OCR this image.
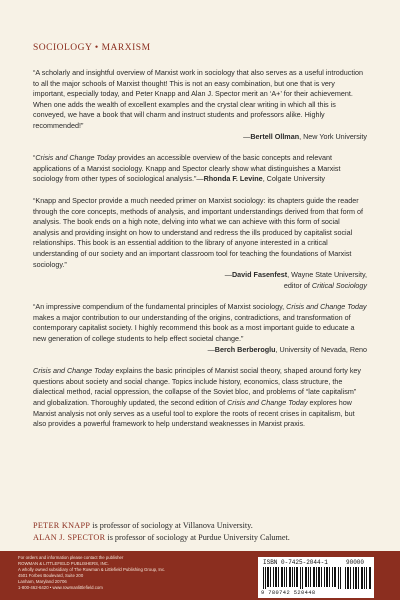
SOCIOLOGY • MARXISM

“A scholarly and insightful overview of Marxist work in sociology that also serves as a useful introduction to all the major schools of Marxist thought! This is not an easy combination, but one that is very important, especially today, and Peter Knapp and Alan J. Spector merit an ‘A+’ for their achievement. When one adds the wealth of excellent examples and the crystal clear writing in which all this is conveyed, we have a book that will charm and instruct students and professors alike. Highly recommended!”
—Bertell Ollman, New York University

“Crisis and Change Today provides an accessible overview of the basic concepts and relevant applications of a Marxist sociology. Knapp and Spector clearly show what distinguishes a Marxist sociology from other types of sociological analysis.”—Rhonda F. Levine, Colgate University

“Knapp and Spector provide a much needed primer on Marxist sociology: its chapters guide the reader through the core concepts, methods of analysis, and important understandings derived from that form of analysis. The book ends on a high note, delving into what we can achieve with this form of social analysis and providing insight on how to understand and redress the ills produced by capitalist social relationships. This book is an essential addition to the library of anyone interested in a critical understanding of our society and an important classroom tool for teaching the foundations of Marxist sociology.”
—David Fasenfest, Wayne State University,
editor of Critical Sociology

“An impressive compendium of the fundamental principles of Marxist sociology, Crisis and Change Today makes a major contribution to our understanding of the origins, contradictions, and transformation of contemporary capitalist society. I highly recommend this book as a most important guide to educate a new generation of college students to help effect societal change.”
—Berch Berberoglu, University of Nevada, Reno

Crisis and Change Today explains the basic principles of Marxist social theory, shaped around forty key questions about society and social change. Topics include history, economics, class structure, the dialectical method, racial oppression, the collapse of the Soviet bloc, and problems of “late capitalism” and globalization. Thoroughly updated, the second edition of Crisis and Change Today explores how Marxist analysis not only serves as a useful tool to explore the roots of recent crises in capitalism, but also provides a powerful framework to help understand weaknesses in Marxist praxis.

PETER KNAPP is professor of sociology at Villanova University.
ALAN J. SPECTOR is professor of sociology at Purdue University Calumet.
For orders and information please contact the publisher
ROWMAN & LITTLEFIELD PUBLISHERS, INC.
A wholly owned subsidiary of The Rowman & Littlefield Publishing Group, Inc.
4501 Forbes Boulevard, Suite 200
Lanham, Maryland 20706
1-800-462-6420 • www.rowmanlittlefield.com
ISBN 0-7425-2044-1	90000
9 780742 520448
